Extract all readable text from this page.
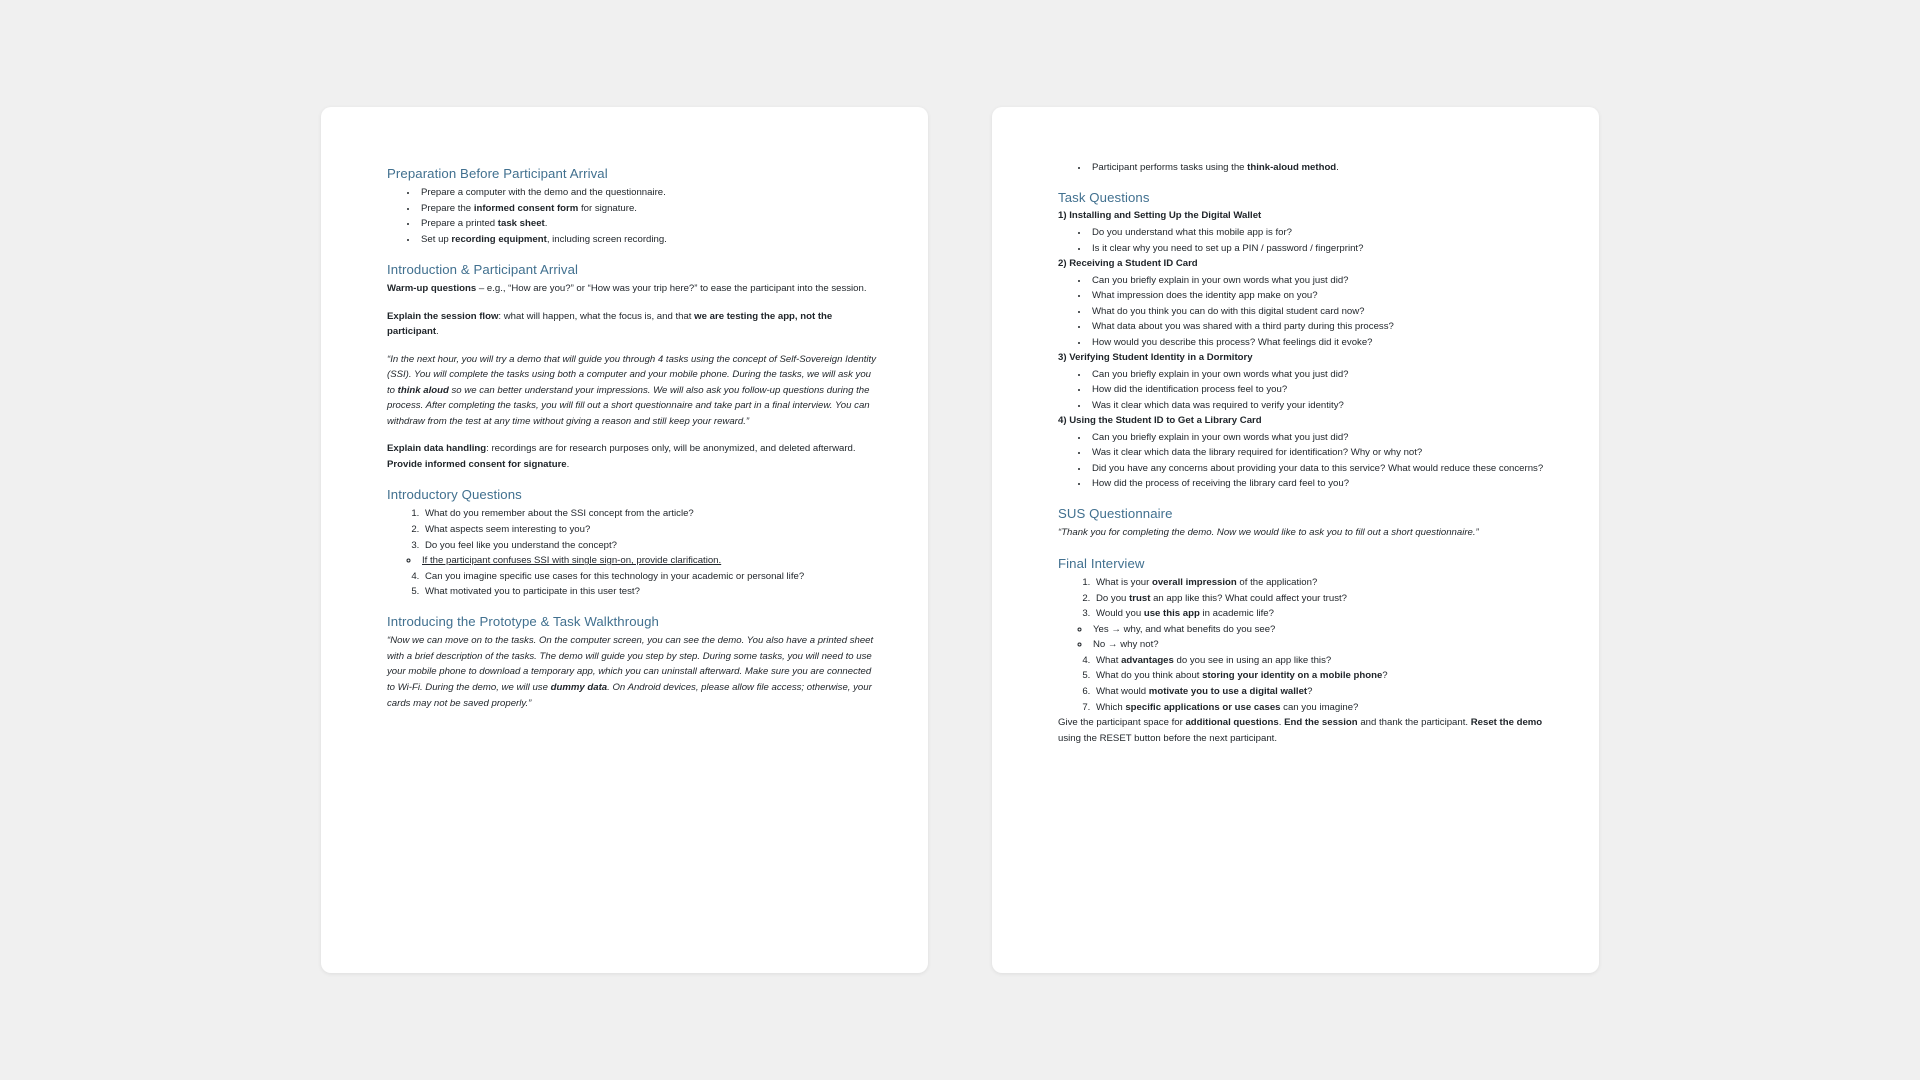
Preparation Before Participant Arrival
• Prepare a computer with the demo and the questionnaire.
• Prepare the informed consent form for signature.
• Prepare a printed task sheet.
• Set up recording equipment, including screen recording.
Introduction & Participant Arrival

Warm-up questions – e.g., “How are you?” or “How was your trip here?” to ease the participant into the session.

Explain the session flow: what will happen, what the focus is, and that we are testing the app, not the participant.

“In the next hour, you will try a demo that will guide you through 4 tasks using the concept of Self-Sovereign Identity (SSI). You will complete the tasks using both a computer and your mobile phone. During the tasks, we will ask you to think aloud so we can better understand your impressions. We will also ask you follow-up questions during the process. After completing the tasks, you will fill out a short questionnaire and take part in a final interview. You can withdraw from the test at any time without giving a reason and still keep your reward.”

Explain data handling: recordings are for research purposes only, will be anonymized, and deleted afterward. Provide informed consent for signature.

Introductory Questions
1. What do you remember about the SSI concept from the article?
2. What aspects seem interesting to you?
3. Do you feel like you understand the concept?
◦ If the participant confuses SSI with single sign-on, provide clarification.
4. Can you imagine specific use cases for this technology in your academic or personal life?
5. What motivated you to participate in this user test?
Introducing the Prototype & Task Walkthrough

“Now we can move on to the tasks. On the computer screen, you can see the demo. You also have a printed sheet with a brief description of the tasks. The demo will guide you step by step. During some tasks, you will need to use your mobile phone to download a temporary app, which you can uninstall afterward. Make sure you are connected to Wi-Fi. During the demo, we will use dummy data. On Android devices, please allow file access; otherwise, your cards may not be saved properly.”

• Participant performs tasks using the think-aloud method.
Task Questions
1) Installing and Setting Up the Digital Wallet
• Do you understand what this mobile app is for?
• Is it clear why you need to set up a PIN / password / fingerprint?
2) Receiving a Student ID Card
• Can you briefly explain in your own words what you just did?
• What impression does the identity app make on you?
• What do you think you can do with this digital student card now?
• What data about you was shared with a third party during this process?
• How would you describe this process? What feelings did it evoke?
3) Verifying Student Identity in a Dormitory
• Can you briefly explain in your own words what you just did?
• How did the identification process feel to you?
• Was it clear which data was required to verify your identity?
4) Using the Student ID to Get a Library Card
• Can you briefly explain in your own words what you just did?
• Was it clear which data the library required for identification? Why or why not?
• Did you have any concerns about providing your data to this service? What would reduce these concerns?
• How did the process of receiving the library card feel to you?
SUS Questionnaire

“Thank you for completing the demo. Now we would like to ask you to fill out a short questionnaire.”

Final Interview
1. What is your overall impression of the application?
2. Do you trust an app like this? What could affect your trust?
3. Would you use this app in academic life?
◦ Yes → why, and what benefits do you see?
◦ No → why not?
4. What advantages do you see in using an app like this?
5. What do you think about storing your identity on a mobile phone?
6. What would motivate you to use a digital wallet?
7. Which specific applications or use cases can you imagine?

Give the participant space for additional questions. End the session and thank the participant. Reset the demo using the RESET button before the next participant.
